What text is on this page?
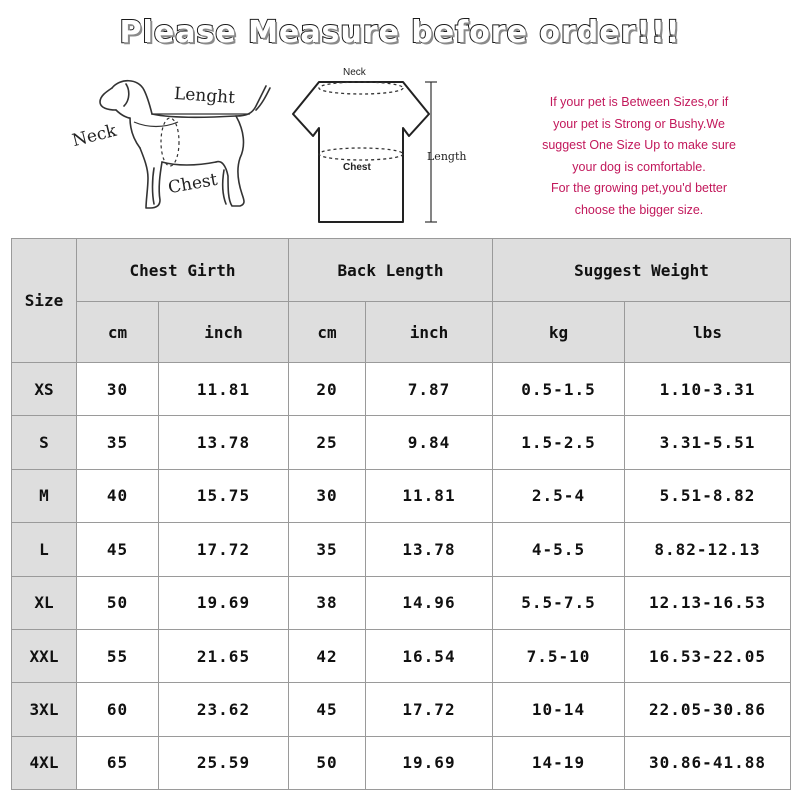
Please Measure before order!!!
Neck
Lenght
Chest
Neck
Chest
Length
If your pet is Between Sizes,or if
your pet is Strong or Bushy.We
suggest One Size Up to make sure
your dog is comfortable.
For the growing pet,you'd better
choose the bigger size.
Size	Chest Girth		Back Length		Suggest Weight	
	cm	inch	cm	inch	kg	lbs
XS	30	11.81	20	7.87	0.5-1.5	1.10-3.31
S	35	13.78	25	9.84	1.5-2.5	3.31-5.51
M	40	15.75	30	11.81	2.5-4	5.51-8.82
L	45	17.72	35	13.78	4-5.5	8.82-12.13
XL	50	19.69	38	14.96	5.5-7.5	12.13-16.53
XXL	55	21.65	42	16.54	7.5-10	16.53-22.05
3XL	60	23.62	45	17.72	10-14	22.05-30.86
4XL	65	25.59	50	19.69	14-19	30.86-41.88
